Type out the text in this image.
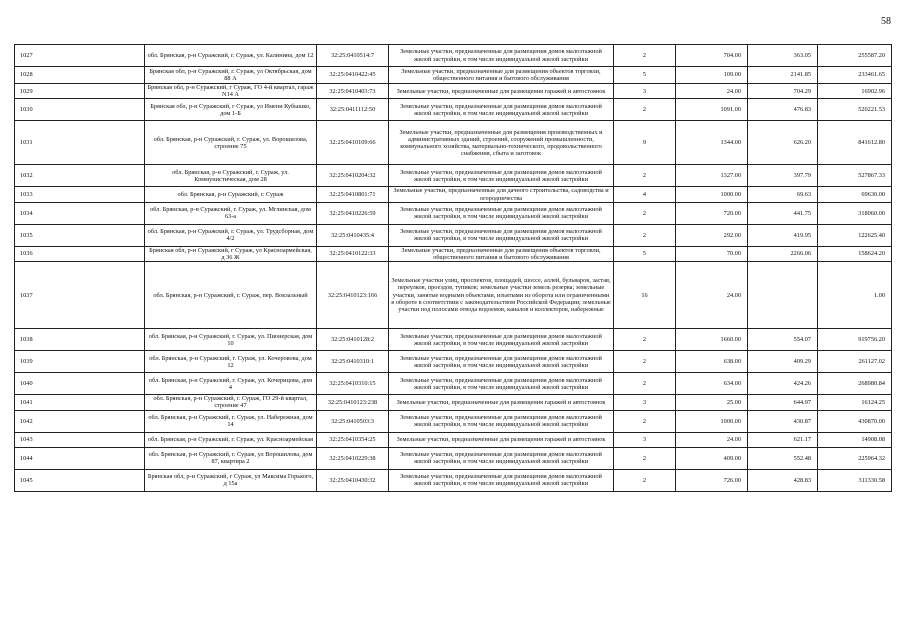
58
1027	обл. Брянская, р-н Суражский, г. Сураж, ул. Калинина, дом 12	32:25:0410514:7	Земельные участки, предназначенные для размещения домов малоэтажной жилой застройки, в том числе индивидуальной жилой застройки	2	704.00	363.05	255587.20
1028	Брянская обл, р-н Суражский, г. Сураж, ул Октябрьская, дом 88 А	32:25:0410422:45	Земельные участки, предназначенные для размещения объектов торговли, общественного питания и бытового обслуживания	5	109.00	2141.85	233461.65
1029	Брянская обл, р-н Суражский, г Сураж, ГО 4-й квартал, гараж N14 А	32:25:0410403:73	Земельные участки, предназначенные для размещения гаражей и автостоянок	3	24.00	704.29	16902.96
1030	Брянская обл, р-н Суражский, г Сураж, ул Имени Кубышко, дом 1-Б	32:25:0411112:50	Земельные участки, предназначенные для размещения домов малоэтажной жилой застройки, в том числе индивидуальной жилой застройки	2	1091.00	476.83	520221.53
1031	обл. Брянская, р-н Суражский, г. Сураж, ул. Ворошилова, строение 75	32:25:0410109:66	Земельные участки, предназначенные для размещения производственных и административных зданий, строений, сооружений промышленности, коммунального хозяйства, материально-технического, продовольственного снабжения, сбыта и заготовок	9	1344.00	626.20	841612.80
1032	обл. Брянская, р-н Суражский, г. Сураж, ул. Коммунистическая, дом 28	32:25:0410204:32	Земельные участки, предназначенные для размещения домов малоэтажной жилой застройки, в том числе индивидуальной жилой застройки	2	1327.00	397.79	527867.33
1033	обл. Брянская, р-н Суражский, г. Сураж	32:25:0410801:71	Земельные участки, предназначенные для дачного строительства, садоводства и огородничества	4	1000.00	69.63	69630.00
1034	обл. Брянская, р-н Суражский, г. Сураж, ул. Мглинская, дом 63-а	32:25:0410226:59	Земельные участки, предназначенные для размещения домов малоэтажной жилой застройки, в том числе индивидуальной жилой застройки	2	720.00	441.75	318060.00
1035	обл. Брянская, р-н Суражский, г. Сураж, ул. Трудсборная, дом 4/2	32:25:0410435:4	Земельные участки, предназначенные для размещения домов малоэтажной жилой застройки, в том числе индивидуальной жилой застройки	2	292.00	419.95	122625.40
1036	Брянская обл, р-н Суражский, г Сураж, ул Красноармейская, д 36 Ж	32:25:0410122:33	Земельные участки, предназначенные для размещения объектов торговли, общественного питания и бытового обслуживания	5	70.00	2266.06	158624.20
1037	обл. Брянская, р-н Суражский, г. Сураж, пер. Вокзальный	32:25:0410123:166	Земельные участки улиц, проспектов, площадей, шоссе, аллей, бульваров, застав, переулков, проездов, тупиков; земельные участки земель резерва; земельные участки, занятые водными объектами, изъятыми из оборота или ограниченными в обороте в соответствии с законодательством Российской Федерации; земельные участки под полосами отвода водоемов, каналов и коллекторов, набережные	16	24.00		1.00
1038	обл. Брянская, р-н Суражский, г. Сураж, ул. Пионерская, дом 10	32:25:0410128:2	Земельные участки, предназначенные для размещения домов малоэтажной жилой застройки, в том числе индивидуальной жилой застройки	2	1660.00	554.07	919756.20
1039	обл. Брянская, р-н Суражский, г. Сураж, ул. Кочеровова, дом 12	32:25:0410310:1	Земельные участки, предназначенные для размещения домов малоэтажной жилой застройки, в том числе индивидуальной жилой застройки	2	638.00	409.29	261127.02
1040	обл. Брянская, р-н Суражский, г. Сураж, ул. Кочерицова, дом 4	32:25:0410310:15	Земельные участки, предназначенные для размещения домов малоэтажной жилой застройки, в том числе индивидуальной жилой застройки	2	634.00	424.26	268980.84
1041	обл. Брянская, р-н Суражский, г. Сураж, ГО 29-й квартал, строение 47	32:25:0410123:238	Земельные участки, предназначенные для размещения гаражей и автостоянок	3	25.00	644.97	16124.25
1042	обл. Брянская, р-н Суражский, г. Сураж, ул. Набережная, дом 14	32:25:0410503:3	Земельные участки, предназначенные для размещения домов малоэтажной жилой застройки, в том числе индивидуальной жилой застройки	2	1000.00	430.87	430870.00
1043	обл. Брянская, р-н Суражский, г. Сураж, ул. Красноармейская	32:25:0410354:25	Земельные участки, предназначенные для размещения гаражей и автостоянок	3	24.00	621.17	14908.08
1044	обл. Брянская, р-н Суражский, г. Сураж, ул Ворошилова, дом 87, квартира 2	32:25:0410229:38	Земельные участки, предназначенные для размещения домов малоэтажной жилой застройки, в том числе индивидуальной жилой застройки	2	409.00	552.48	225964.32
1045	Брянская обл, р-н Суражский, г Сураж, ул Максима Горького, д 15а	32:25:0410430:32	Земельные участки, предназначенные для размещения домов малоэтажной жилой застройки, в том числе индивидуальной жилой застройки	2	726.00	428.83	311330.58
